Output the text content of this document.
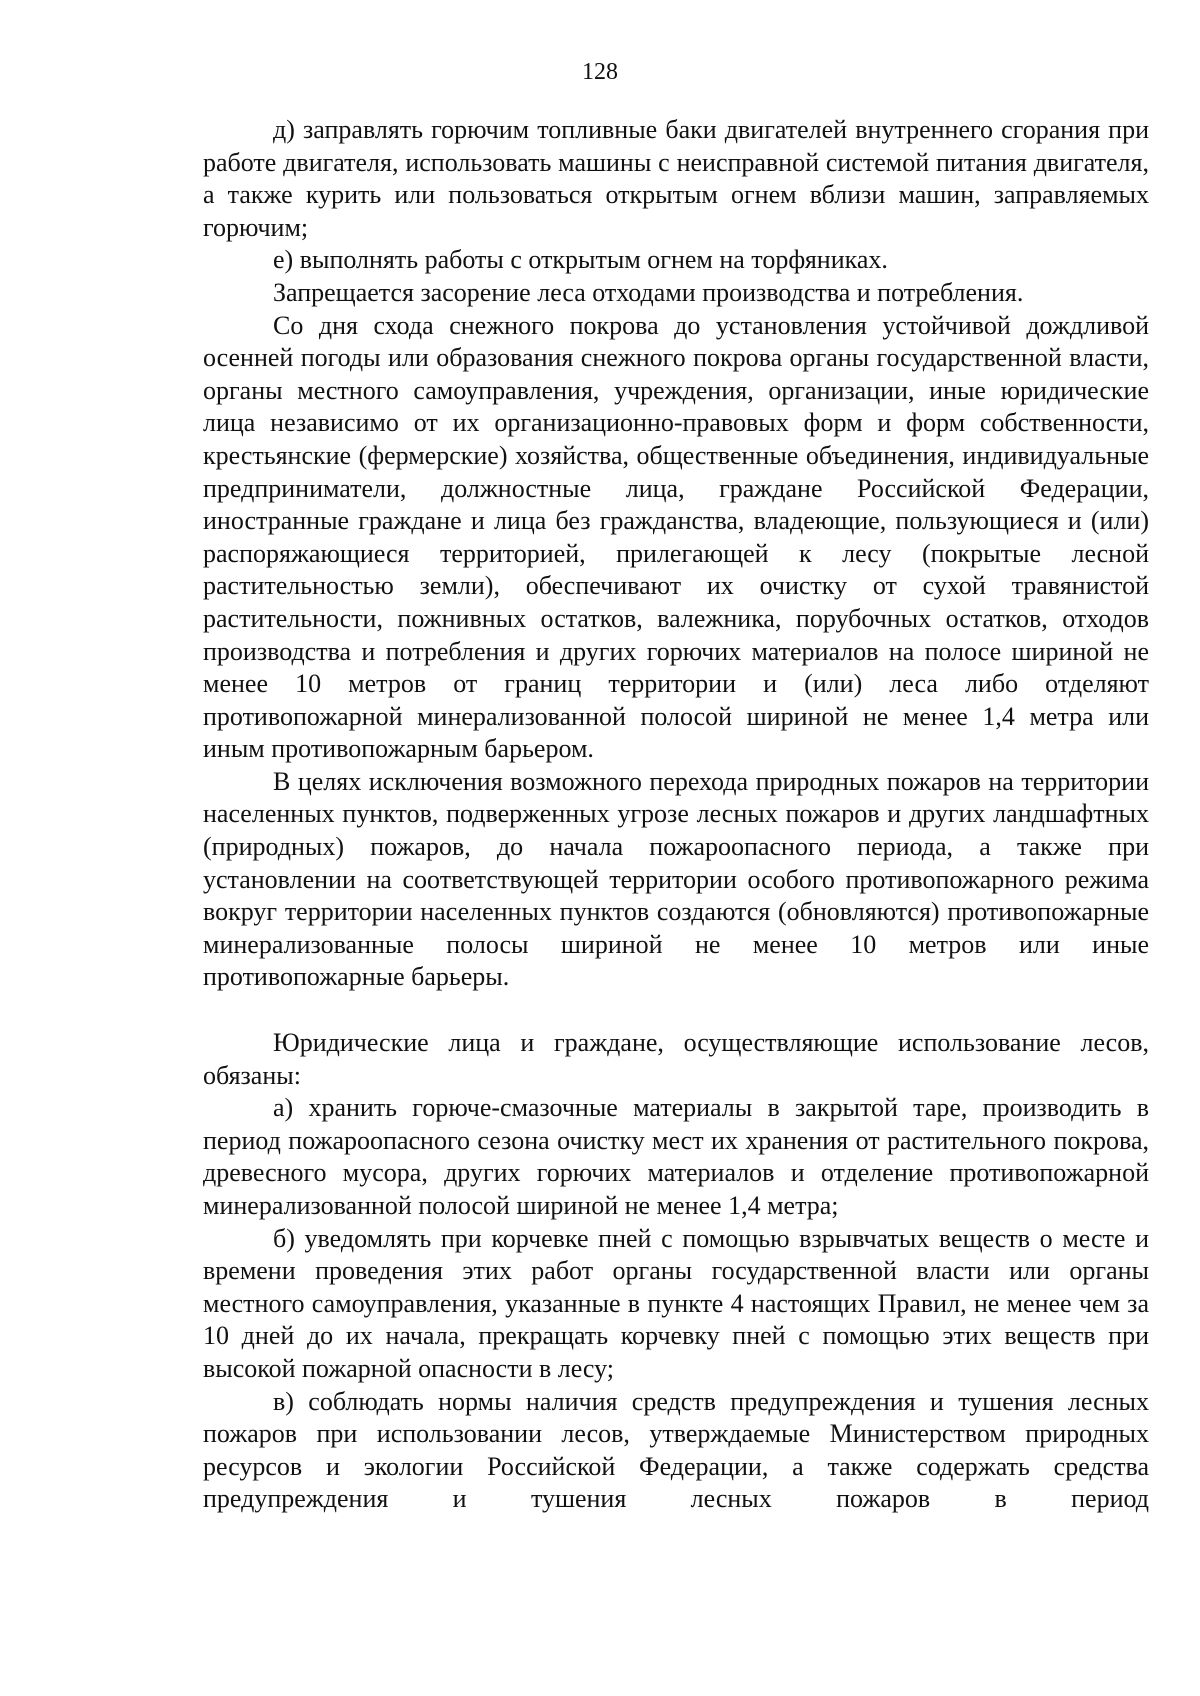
128

д) заправлять горючим топливные баки двигателей внутреннего сгорания при работе двигателя, использовать машины с неисправной системой питания двигателя, а также курить или пользоваться открытым огнем вблизи машин, заправляемых горючим;

е) выполнять работы с открытым огнем на торфяниках.

Запрещается засорение леса отходами производства и потребления.

Со дня схода снежного покрова до установления устойчивой дождливой осенней погоды или образования снежного покрова органы государственной власти, органы местного самоуправления, учреждения, организации, иные юридические лица независимо от их организационно-правовых форм и форм собственности, крестьянские (фермерские) хозяйства, общественные объединения, индивидуальные предприниматели, должностные лица, граждане Российской Федерации, иностранные граждане и лица без гражданства, владеющие, пользующиеся и (или) распоряжающиеся территорией, прилегающей к лесу (покрытые лесной растительностью земли), обеспечивают их очистку от сухой травянистой растительности, пожнивных остатков, валежника, порубочных остатков, отходов производства и потребления и других горючих материалов на полосе шириной не менее 10 метров от границ территории и (или) леса либо отделяют противопожарной минерализованной полосой шириной не менее 1,4 метра или иным противопожарным барьером.

В целях исключения возможного перехода природных пожаров на территории населенных пунктов, подверженных угрозе лесных пожаров и других ландшафтных (природных) пожаров, до начала пожароопасного периода, а также при установлении на соответствующей территории особого противопожарного режима вокруг территории населенных пунктов создаются (обновляются) противопожарные минерализованные полосы шириной не менее 10 метров или иные противопожарные барьеры.

Юридические лица и граждане, осуществляющие использование лесов, обязаны:

а) хранить горюче-смазочные материалы в закрытой таре, производить в период пожароопасного сезона очистку мест их хранения от растительного покрова, древесного мусора, других горючих материалов и отделение противопожарной минерализованной полосой шириной не менее 1,4 метра;

б) уведомлять при корчевке пней с помощью взрывчатых веществ о месте и времени проведения этих работ органы государственной власти или органы местного самоуправления, указанные в пункте 4 настоящих Правил, не менее чем за 10 дней до их начала, прекращать корчевку пней с помощью этих веществ при высокой пожарной опасности в лесу;

в) соблюдать нормы наличия средств предупреждения и тушения лесных пожаров при использовании лесов, утверждаемые Министерством природных ресурсов и экологии Российской Федерации, а также содержать средства предупреждения и тушения лесных пожаров в период
